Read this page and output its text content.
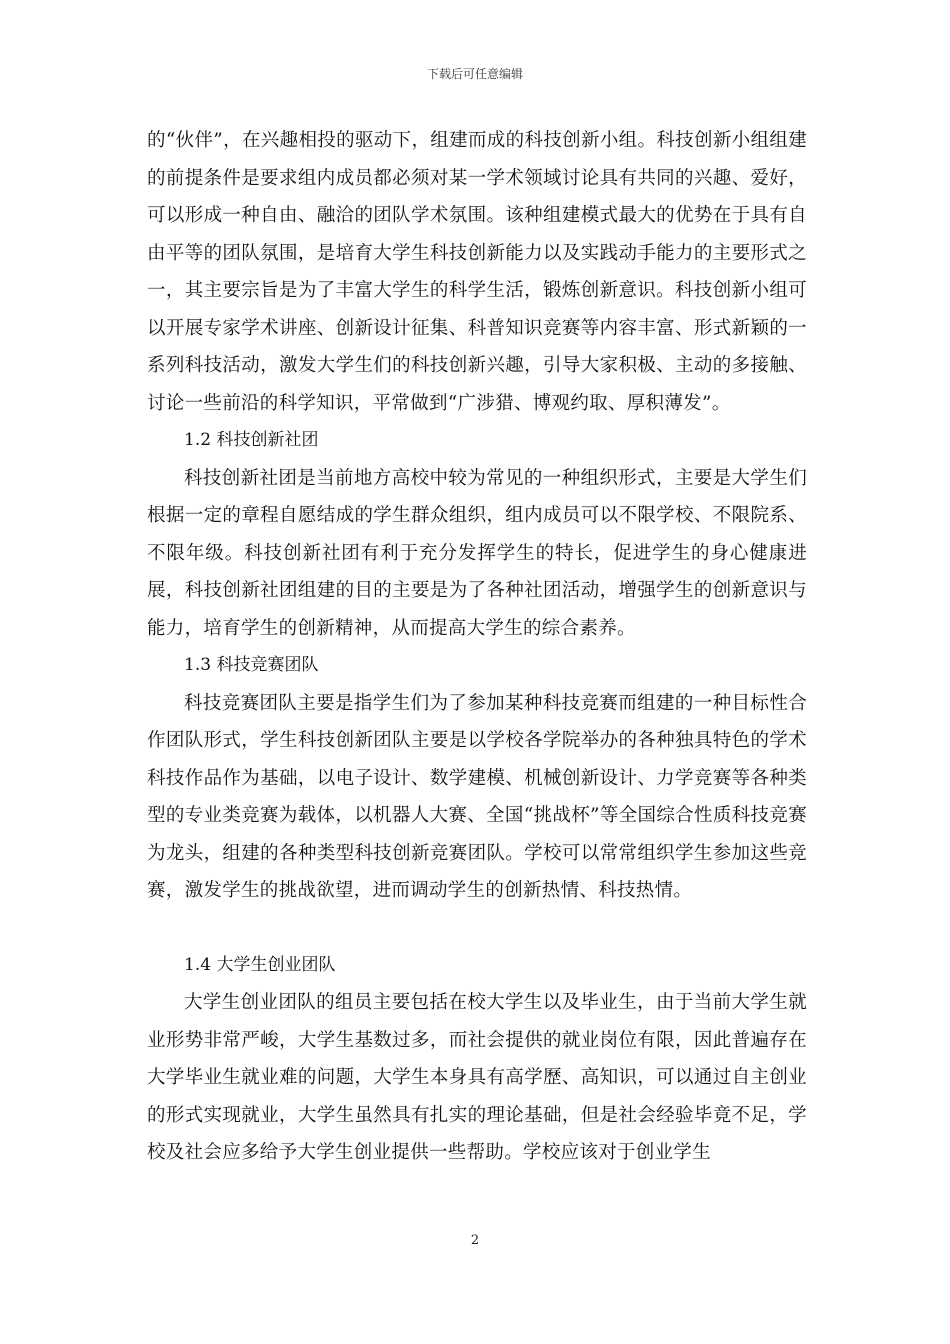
下载后可任意编辑

的“伙伴”，在兴趣相投的驱动下，组建而成的科技创新小组。科技创新小组组建的前提条件是要求组内成员都必须对某一学术领域讨论具有共同的兴趣、爱好，可以形成一种自由、融洽的团队学术氛围。该种组建模式最大的优势在于具有自由平等的团队氛围，是培育大学生科技创新能力以及实践动手能力的主要形式之一，其主要宗旨是为了丰富大学生的科学生活，锻炼创新意识。科技创新小组可以开展专家学术讲座、创新设计征集、科普知识竞赛等内容丰富、形式新颖的一系列科技活动，激发大学生们的科技创新兴趣，引导大家积极、主动的多接触、讨论一些前沿的科学知识，平常做到“广涉猎、博观约取、厚积薄发”。

1.2 科技创新社团

科技创新社团是当前地方高校中较为常见的一种组织形式，主要是大学生们根据一定的章程自愿结成的学生群众组织，组内成员可以不限学校、不限院系、不限年级。科技创新社团有利于充分发挥学生的特长，促进学生的身心健康进展，科技创新社团组建的目的主要是为了各种社团活动，增强学生的创新意识与能力，培育学生的创新精神，从而提高大学生的综合素养。

1.3 科技竞赛团队

科技竞赛团队主要是指学生们为了参加某种科技竞赛而组建的一种目标性合作团队形式，学生科技创新团队主要是以学校各学院举办的各种独具特色的学术科技作品作为基础，以电子设计、数学建模、机械创新设计、力学竞赛等各种类型的专业类竞赛为载体，以机器人大赛、全国“挑战杯”等全国综合性质科技竞赛为龙头，组建的各种类型科技创新竞赛团队。学校可以常常组织学生参加这些竞赛，激发学生的挑战欲望，进而调动学生的创新热情、科技热情。

1.4 大学生创业团队

大学生创业团队的组员主要包括在校大学生以及毕业生，由于当前大学生就业形势非常严峻，大学生基数过多，而社会提供的就业岗位有限，因此普遍存在大学毕业生就业难的问题，大学生本身具有高学歷、高知识，可以通过自主创业的形式实现就业，大学生虽然具有扎实的理论基础，但是社会经验毕竟不足，学校及社会应多给予大学生创业提供一些帮助。学校应该对于创业学生

2
